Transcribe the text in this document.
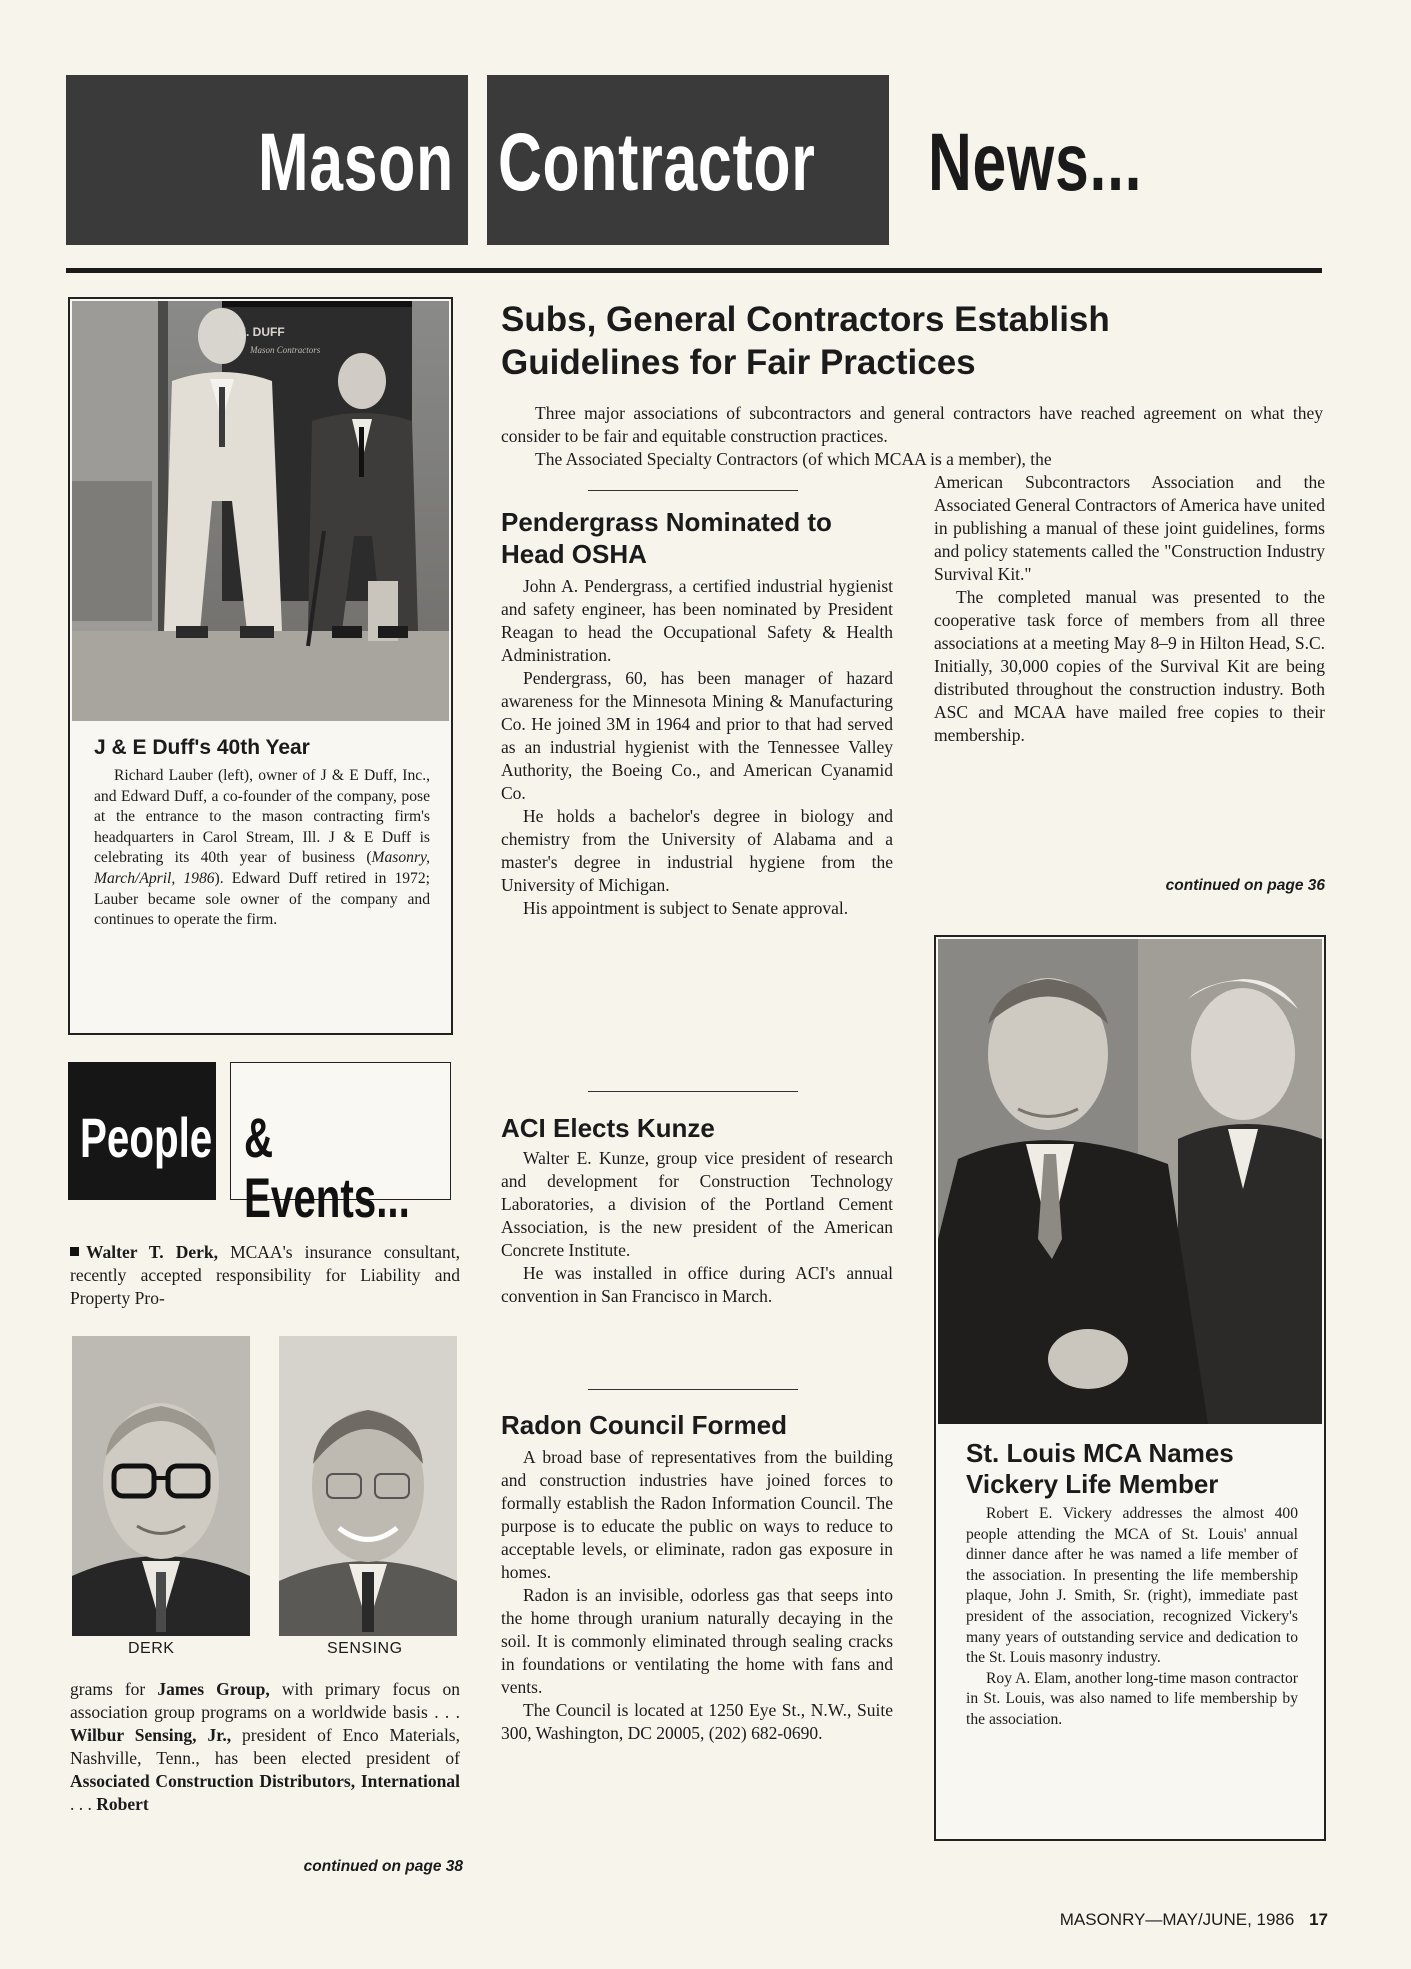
Mason Contractor News...
J E. DUFF
Mason Contractors
J & E Duff's 40th Year

Richard Lauber (left), owner of J & E Duff, Inc., and Edward Duff, a co-founder of the company, pose at the entrance to the mason contracting firm's headquarters in Carol Stream, Ill. J & E Duff is celebrating its 40th year of business (Masonry, March/April, 1986). Edward Duff retired in 1972; Lauber became sole owner of the company and continues to operate the firm.

People & Events...

Walter T. Derk, MCAA's insurance consultant, recently accepted responsibility for Liability and Property Pro-

DERK	SENSING

grams for James Group, with primary focus on association group programs on a worldwide basis . . . Wilbur Sensing, Jr., president of Enco Materials, Nashville, Tenn., has been elected president of Associated Construction Distributors, International . . . Robert

continued on page 38
Subs, General Contractors Establish
Guidelines for Fair Practices

Three major associations of subcontractors and general contractors have reached agreement on what they consider to be fair and equitable construction practices.

The Associated Specialty Contractors (of which MCAA is a member), the

American Subcontractors Association and the Associated General Contractors of America have united in publishing a manual of these joint guidelines, forms and policy statements called the "Construction Industry Survival Kit."

The completed manual was presented to the cooperative task force of members from all three associations at a meeting May 8–9 in Hilton Head, S.C. Initially, 30,000 copies of the Survival Kit are being distributed throughout the construction industry. Both ASC and MCAA have mailed free copies to their membership.

continued on page 36
Pendergrass Nominated to Head OSHA

John A. Pendergrass, a certified industrial hygienist and safety engineer, has been nominated by President Reagan to head the Occupational Safety & Health Administration.

Pendergrass, 60, has been manager of hazard awareness for the Minnesota Mining & Manufacturing Co. He joined 3M in 1964 and prior to that had served as an industrial hygienist with the Tennessee Valley Authority, the Boeing Co., and American Cyanamid Co.

He holds a bachelor's degree in biology and chemistry from the University of Alabama and a master's degree in industrial hygiene from the University of Michigan.

His appointment is subject to Senate approval.

ACI Elects Kunze

Walter E. Kunze, group vice president of research and development for Construction Technology Laboratories, a division of the Portland Cement Association, is the new president of the American Concrete Institute.

He was installed in office during ACI's annual convention in San Francisco in March.

Radon Council Formed

A broad base of representatives from the building and construction industries have joined forces to formally establish the Radon Information Council. The purpose is to educate the public on ways to reduce to acceptable levels, or eliminate, radon gas exposure in homes.

Radon is an invisible, odorless gas that seeps into the home through uranium naturally decaying in the soil. It is commonly eliminated through sealing cracks in foundations or ventilating the home with fans and vents.

The Council is located at 1250 Eye St., N.W., Suite 300, Washington, DC 20005, (202) 682-0690.

St. Louis MCA Names
Vickery Life Member

Robert E. Vickery addresses the almost 400 people attending the MCA of St. Louis' annual dinner dance after he was named a life member of the association. In presenting the life membership plaque, John J. Smith, Sr. (right), immediate past president of the association, recognized Vickery's many years of outstanding service and dedication to the St. Louis masonry industry.

Roy A. Elam, another long-time mason contractor in St. Louis, was also named to life membership by the association.

MASONRY—MAY/JUNE, 1986 17
